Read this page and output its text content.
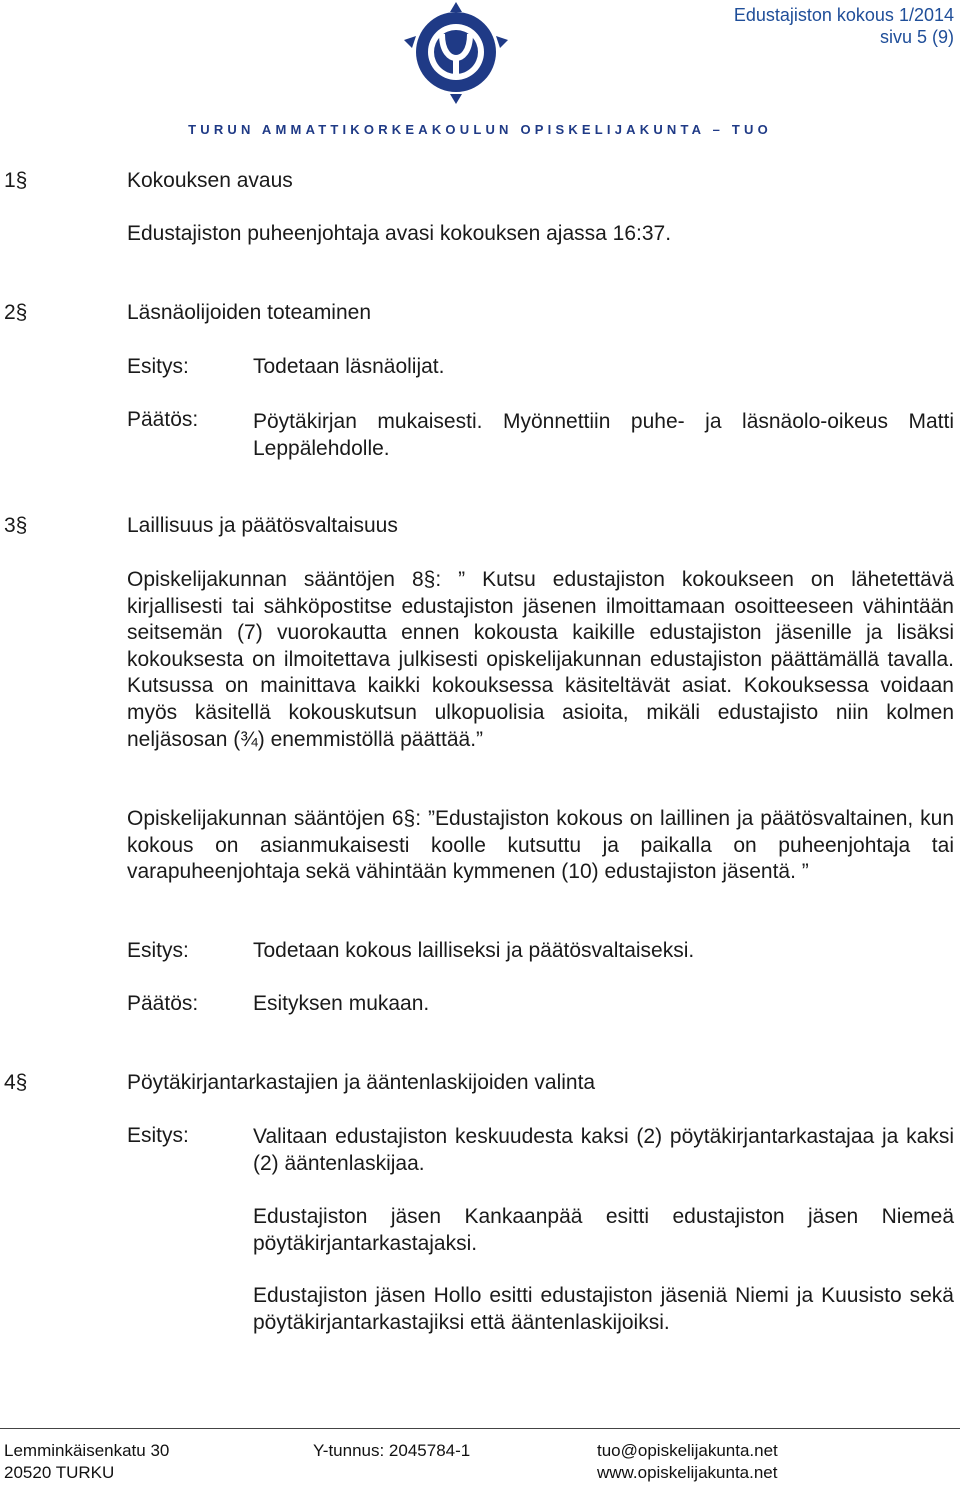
Edustajiston kokous 1/2014
sivu 5 (9)
TURUN AMMATTIKORKEAKOULUN OPISKELIJAKUNTA – TUO
1§	Kokouksen avaus
Edustajiston puheenjohtaja avasi kokouksen ajassa 16:37.
2§	Läsnäolijoiden toteaminen
Esitys:	Todetaan läsnäolijat.
Päätös:	Pöytäkirjan mukaisesti. Myönnettiin puhe- ja läsnäolo-oikeus Matti Leppälehdolle.
3§	Laillisuus ja päätösvaltaisuus
Opiskelijakunnan sääntöjen 8§: ” Kutsu edustajiston kokoukseen on lähetettävä kirjallisesti tai sähköpostitse edustajiston jäsenen ilmoittamaan osoitteeseen vähintään seitsemän (7) vuorokautta ennen kokousta kaikille edustajiston jäsenille ja lisäksi kokouksesta on ilmoitettava julkisesti opiskelijakunnan edustajiston päättämällä tavalla. Kutsussa on mainittava kaikki kokouksessa käsiteltävät asiat. Kokouksessa voidaan myös käsitellä kokouskutsun ulkopuolisia asioita, mikäli edustajisto niin kolmen neljäsosan (¾) enemmistöllä päättää.”
Opiskelijakunnan sääntöjen 6§: ”Edustajiston kokous on laillinen ja päätösvaltainen, kun kokous on asianmukaisesti koolle kutsuttu ja paikalla on puheenjohtaja tai varapuheenjohtaja sekä vähintään kymmenen (10) edustajiston jäsentä. ”
Esitys:	Todetaan kokous lailliseksi ja päätösvaltaiseksi.
Päätös:	Esityksen mukaan.
4§	Pöytäkirjantarkastajien ja ääntenlaskijoiden valinta
Esitys:	Valitaan edustajiston keskuudesta kaksi (2) pöytäkirjantarkastajaa ja kaksi (2) ääntenlaskijaa.
Edustajiston jäsen Kankaanpää esitti edustajiston jäsen Niemeä pöytäkirjantarkastajaksi.
Edustajiston jäsen Hollo esitti edustajiston jäseniä Niemi ja Kuusisto sekä pöytäkirjantarkastajiksi että ääntenlaskijoiksi.
Lemminkäisenkatu 30
20520 TURKU
Y-tunnus: 2045784-1	tuo@opiskelijakunta.net
www.opiskelijakunta.net
